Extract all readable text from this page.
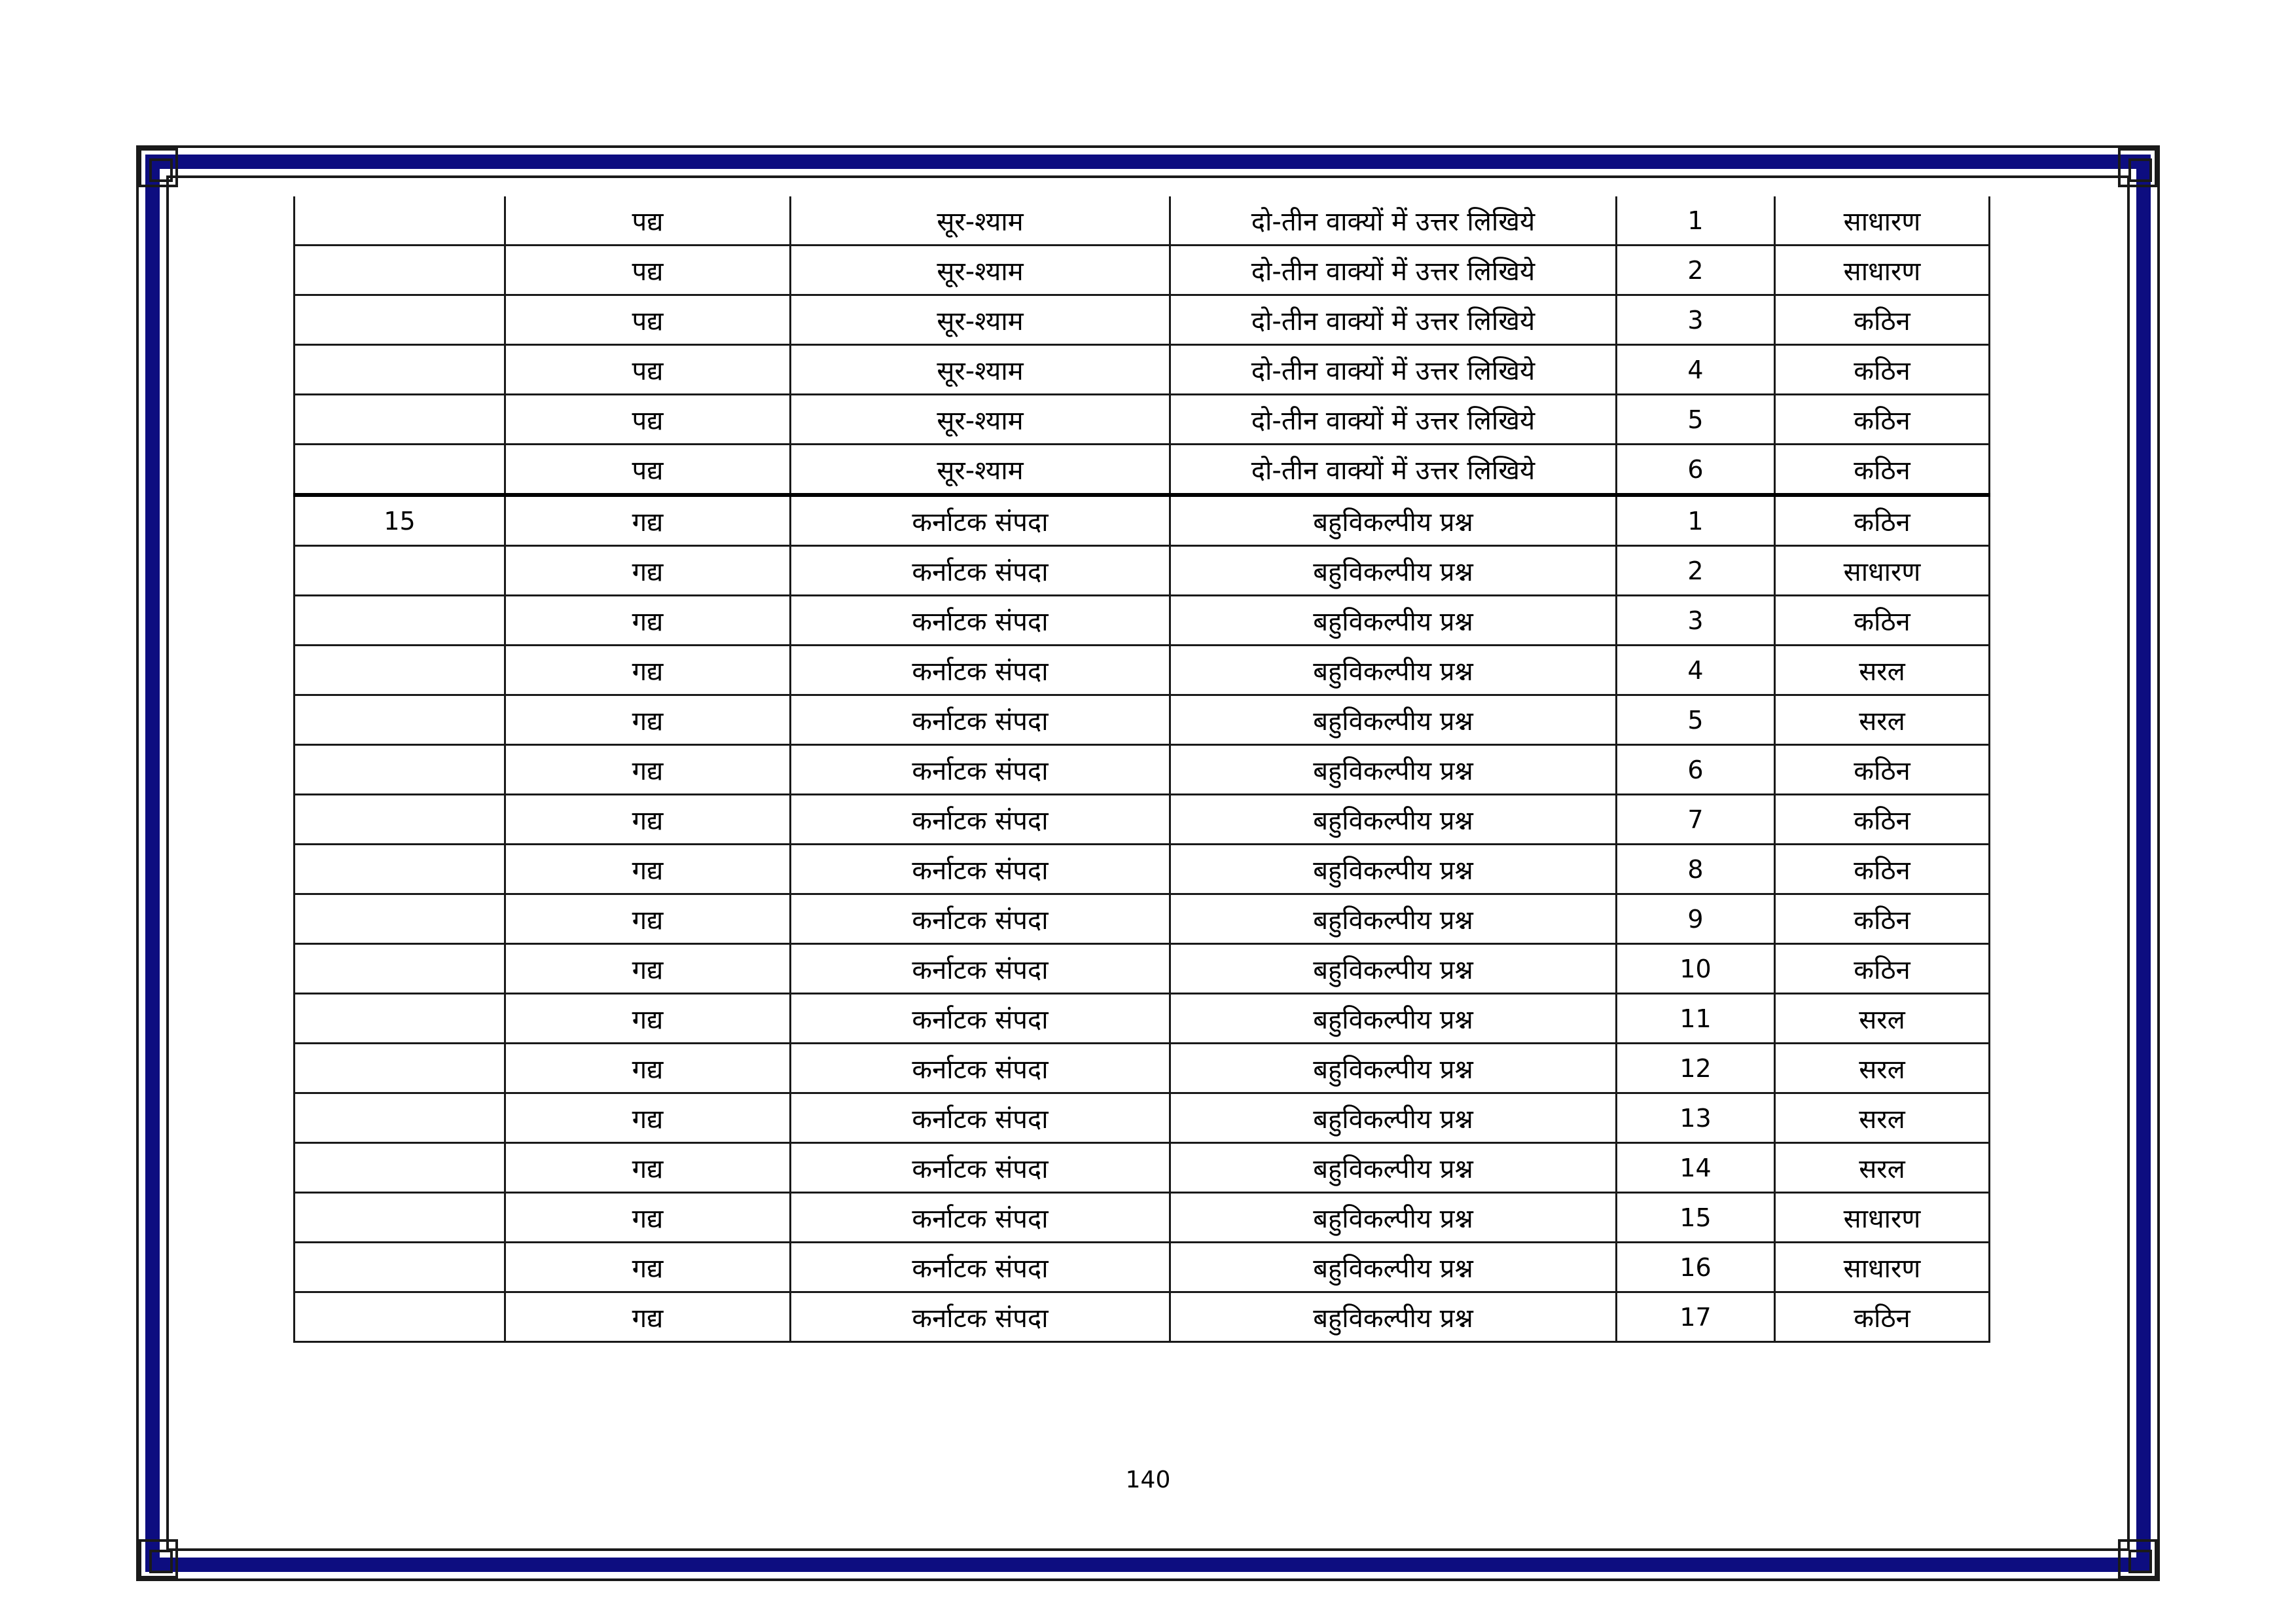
	पद्य	सूर-श्याम	दो-तीन वाक्यों में उत्तर लिखिये	1	साधारण
	पद्य	सूर-श्याम	दो-तीन वाक्यों में उत्तर लिखिये	2	साधारण
	पद्य	सूर-श्याम	दो-तीन वाक्यों में उत्तर लिखिये	3	कठिन
	पद्य	सूर-श्याम	दो-तीन वाक्यों में उत्तर लिखिये	4	कठिन
	पद्य	सूर-श्याम	दो-तीन वाक्यों में उत्तर लिखिये	5	कठिन
	पद्य	सूर-श्याम	दो-तीन वाक्यों में उत्तर लिखिये	6	कठिन
15	गद्य	कर्नाटक संपदा	बहुविकल्पीय प्रश्न	1	कठिन
	गद्य	कर्नाटक संपदा	बहुविकल्पीय प्रश्न	2	साधारण
	गद्य	कर्नाटक संपदा	बहुविकल्पीय प्रश्न	3	कठिन
	गद्य	कर्नाटक संपदा	बहुविकल्पीय प्रश्न	4	सरल
	गद्य	कर्नाटक संपदा	बहुविकल्पीय प्रश्न	5	सरल
	गद्य	कर्नाटक संपदा	बहुविकल्पीय प्रश्न	6	कठिन
	गद्य	कर्नाटक संपदा	बहुविकल्पीय प्रश्न	7	कठिन
	गद्य	कर्नाटक संपदा	बहुविकल्पीय प्रश्न	8	कठिन
	गद्य	कर्नाटक संपदा	बहुविकल्पीय प्रश्न	9	कठिन
	गद्य	कर्नाटक संपदा	बहुविकल्पीय प्रश्न	10	कठिन
	गद्य	कर्नाटक संपदा	बहुविकल्पीय प्रश्न	11	सरल
	गद्य	कर्नाटक संपदा	बहुविकल्पीय प्रश्न	12	सरल
	गद्य	कर्नाटक संपदा	बहुविकल्पीय प्रश्न	13	सरल
	गद्य	कर्नाटक संपदा	बहुविकल्पीय प्रश्न	14	सरल
	गद्य	कर्नाटक संपदा	बहुविकल्पीय प्रश्न	15	साधारण
	गद्य	कर्नाटक संपदा	बहुविकल्पीय प्रश्न	16	साधारण
	गद्य	कर्नाटक संपदा	बहुविकल्पीय प्रश्न	17	कठिन
140
